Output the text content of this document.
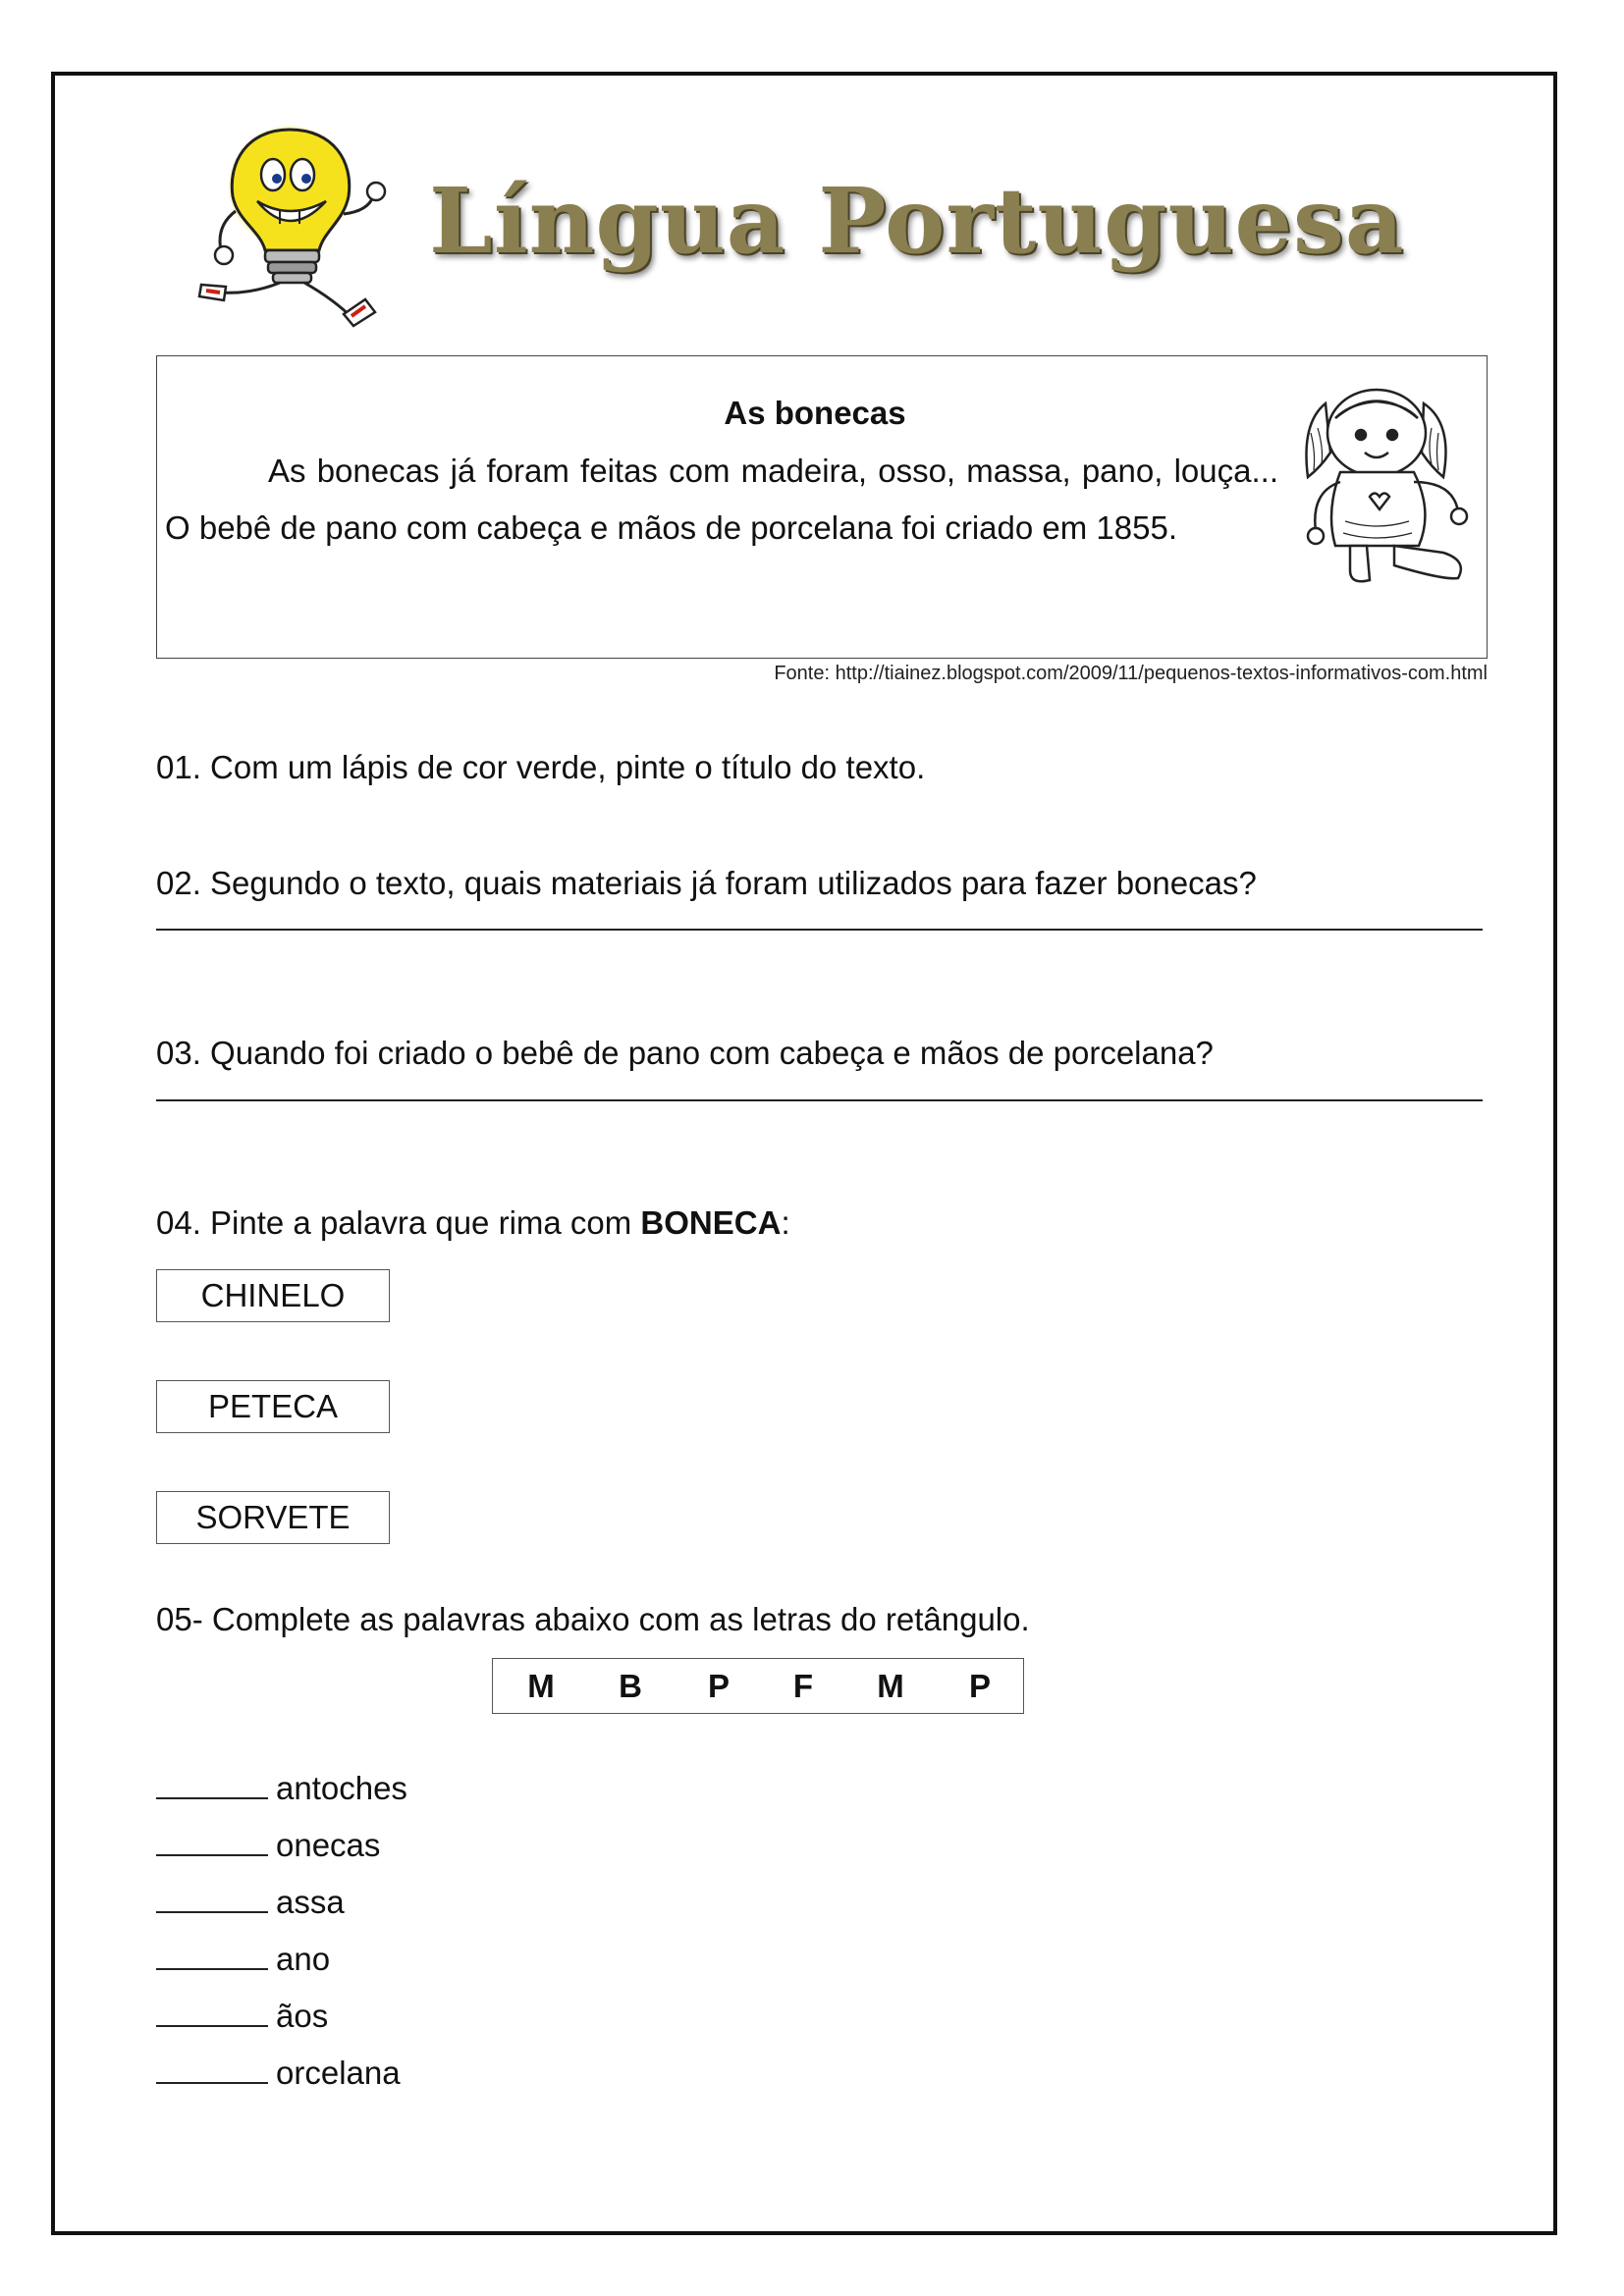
Língua Portuguesa
As bonecas
As bonecas já foram feitas com madeira, osso, massa, pano, louça... O bebê de pano com cabeça e mãos de porcelana foi criado em 1855.
Fonte: http://tiainez.blogspot.com/2009/11/pequenos-textos-informativos-com.html
01. Com um lápis de cor verde, pinte o título do texto.
02. Segundo o texto, quais materiais já foram utilizados para fazer bonecas?
03. Quando foi criado o bebê de pano com cabeça e mãos de porcelana?
04. Pinte a palavra que rima com BONECA:
CHINELO
PETECA
SORVETE
05- Complete as palavras abaixo com as letras do retângulo.
M B P	F	M P
antoches
onecas
assa
ano
ãos
orcelana
